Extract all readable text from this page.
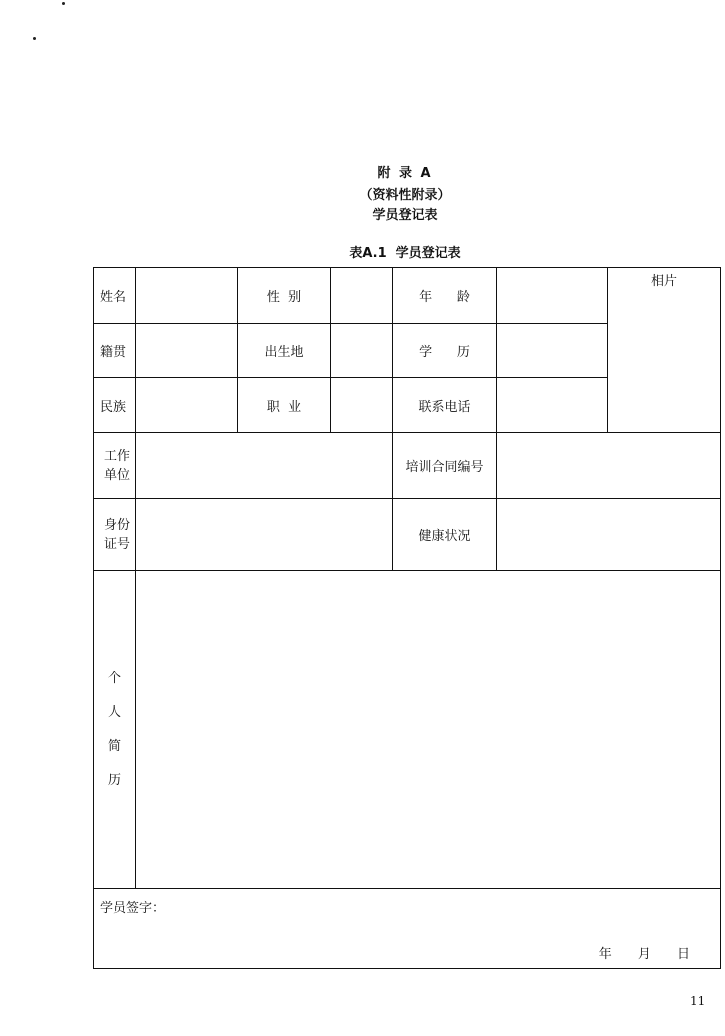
附 录 A
（资料性附录）
学员登记表
表A.1  学员登记表
姓名		性  别		年      龄		相片

籍贯		出生地		学      历		
民族		职  业		联系电话		

工作
单位				培训合同编号		

身份
证号				健康状况		

个
人
简
历						

学员签字：
年 月 日						
11
